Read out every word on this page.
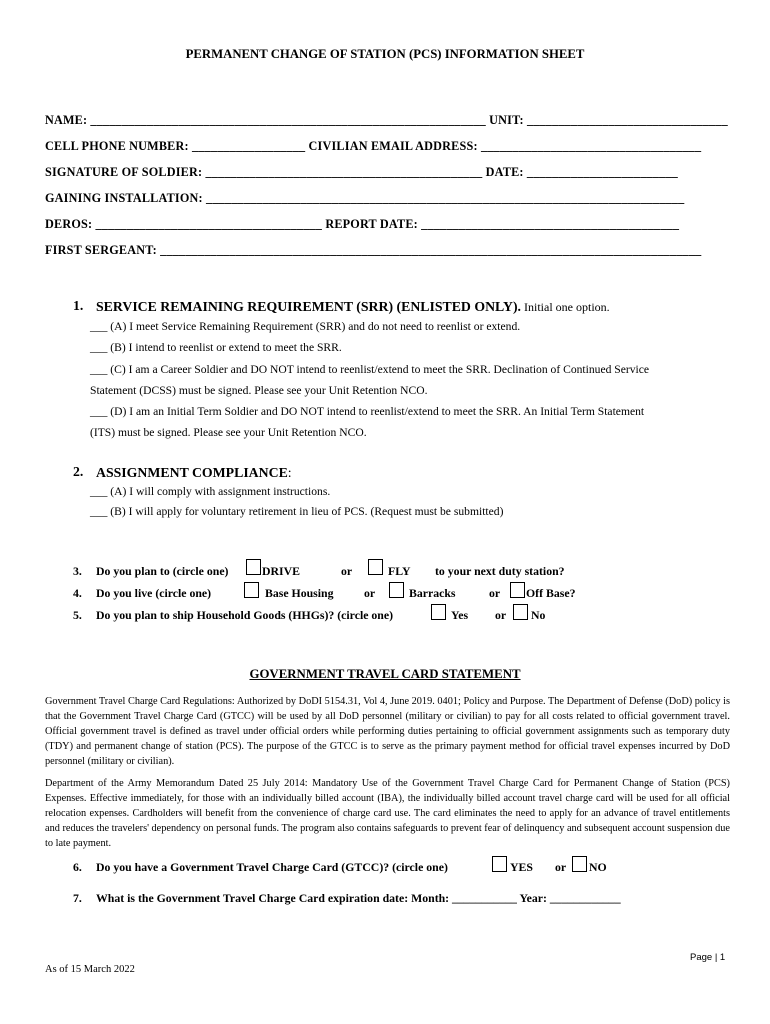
PERMANENT CHANGE OF STATION (PCS) INFORMATION SHEET
NAME: _______________________________________________________________ UNIT: ________________________________
CELL PHONE NUMBER: __________________ CIVILIAN EMAIL ADDRESS: ___________________________________
SIGNATURE OF SOLDIER: ____________________________________________ DATE: ________________________
GAINING INSTALLATION: ____________________________________________________________________________
DEROS: ____________________________________ REPORT DATE: _________________________________________
FIRST SERGEANT: ______________________________________________________________________________________
1. SERVICE REMAINING REQUIREMENT (SRR) (ENLISTED ONLY). Initial one option.
___ (A) I meet Service Remaining Requirement (SRR) and do not need to reenlist or extend.
___ (B) I intend to reenlist or extend to meet the SRR.
___ (C) I am a Career Soldier and DO NOT intend to reenlist/extend to meet the SRR. Declination of Continued Service
Statement (DCSS) must be signed. Please see your Unit Retention NCO.
___ (D) I am an Initial Term Soldier and DO NOT intend to reenlist/extend to meet the SRR. An Initial Term Statement
(ITS) must be signed. Please see your Unit Retention NCO.
2. ASSIGNMENT COMPLIANCE:
___ (A) I will comply with assignment instructions.
___ (B) I will apply for voluntary retirement in lieu of PCS. (Request must be submitted)
3. Do you plan to (circle one)	DRIVE	or	FLY to your next duty station?
4. Do you live (circle one)	Base Housing	or	Barracks	or Off Base?
5. Do you plan to ship Household Goods (HHGs)? (circle one)	Yes or No
GOVERNMENT TRAVEL CARD STATEMENT
Government Travel Charge Card Regulations: Authorized by DoDI 5154.31, Vol 4, June 2019. 0401; Policy and Purpose. The Department of Defense (DoD) policy is that the Government Travel Charge Card (GTCC) will be used by all DoD personnel (military or civilian) to pay for all costs related to official government travel. Official government travel is defined as travel under official orders while performing duties pertaining to official government assignments such as temporary duty (TDY) and permanent change of station (PCS). The purpose of the GTCC is to serve as the primary payment method for official travel expenses incurred by DoD personnel (military or civilian).
Department of the Army Memorandum Dated 25 July 2014: Mandatory Use of the Government Travel Charge Card for Permanent Change of Station (PCS) Expenses. Effective immediately, for those with an individually billed account (IBA), the individually billed account travel charge card will be used for all official relocation expenses. Cardholders will benefit from the convenience of charge card use. The card eliminates the need to apply for an advance of travel entitlements and reduces the travelers' dependency on personal funds. The program also contains safeguards to prevent fear of delinquency and subsequent account suspension due to late payment.
6. Do you have a Government Travel Charge Card (GTCC)? (circle one)	YES or NO
7. What is the Government Travel Charge Card expiration date: Month: ___________ Year: ____________
Page | 1
As of 15 March 2022
